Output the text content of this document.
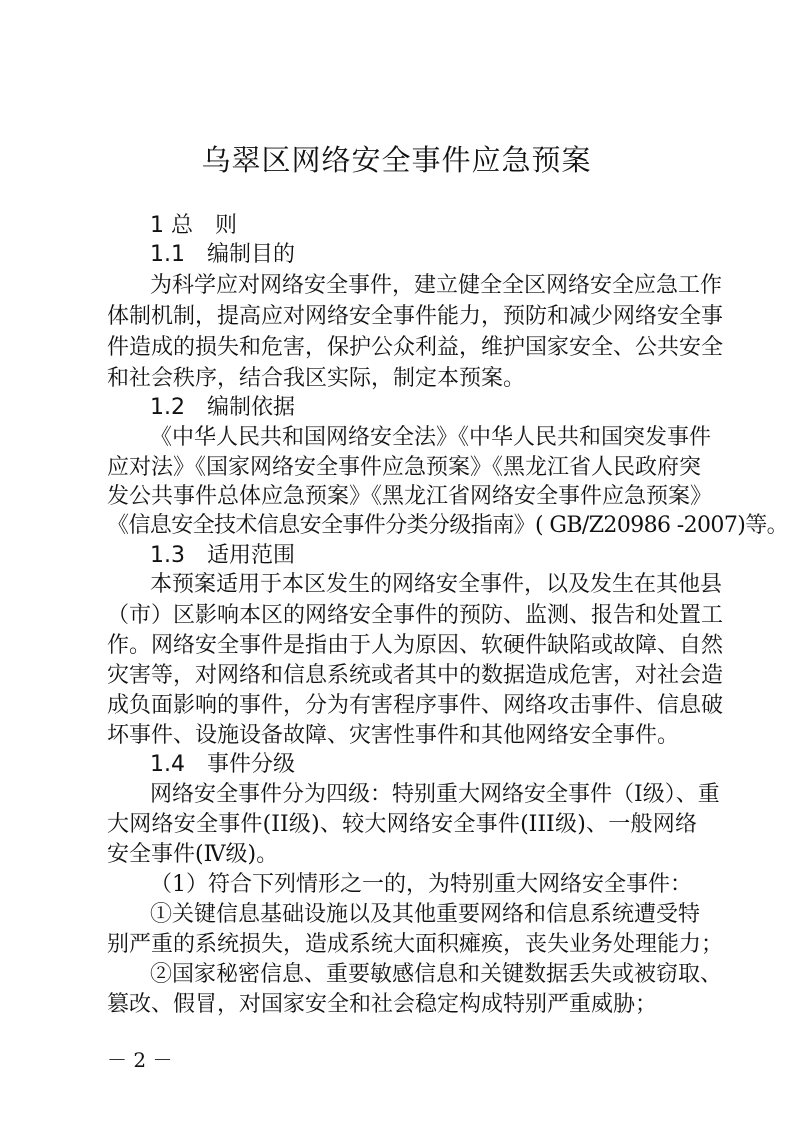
乌翠区网络安全事件应急预案

1 总　则

1.1　编制目的

为科学应对网络安全事件，建立健全全区网络安全应急工作

体制机制，提高应对网络安全事件能力，预防和减少网络安全事

件造成的损失和危害，保护公众利益，维护国家安全、公共安全

和社会秩序，结合我区实际，制定本预案。

1.2　编制依据

《中华人民共和国网络安全法》《中华人民共和国突发事件

应对法》《国家网络安全事件应急预案》《黑龙江省人民政府突

发公共事件总体应急预案》《黑龙江省网络安全事件应急预案》

《信息安全技术信息安全事件分类分级指南》( GB/Z20986 -2007)等。

1.3　适用范围

本预案适用于本区发生的网络安全事件，以及发生在其他县

（市）区影响本区的网络安全事件的预防、监测、报告和处置工

作。网络安全事件是指由于人为原因、软硬件缺陷或故障、自然

灾害等，对网络和信息系统或者其中的数据造成危害，对社会造

成负面影响的事件，分为有害程序事件、网络攻击事件、信息破

坏事件、设施设备故障、灾害性事件和其他网络安全事件。

1.4　事件分级

网络安全事件分为四级：特别重大网络安全事件（Ⅰ级）、重

大网络安全事件(II级)、较大网络安全事件(III级)、一般网络

安全事件(Ⅳ级)。

（1）符合下列情形之一的，为特别重大网络安全事件：

①关键信息基础设施以及其他重要网络和信息系统遭受特

别严重的系统损失，造成系统大面积瘫痪，丧失业务处理能力；

②国家秘密信息、重要敏感信息和关键数据丢失或被窃取、

篡改、假冒，对国家安全和社会稳定构成特别严重威胁；

－ 2 －
